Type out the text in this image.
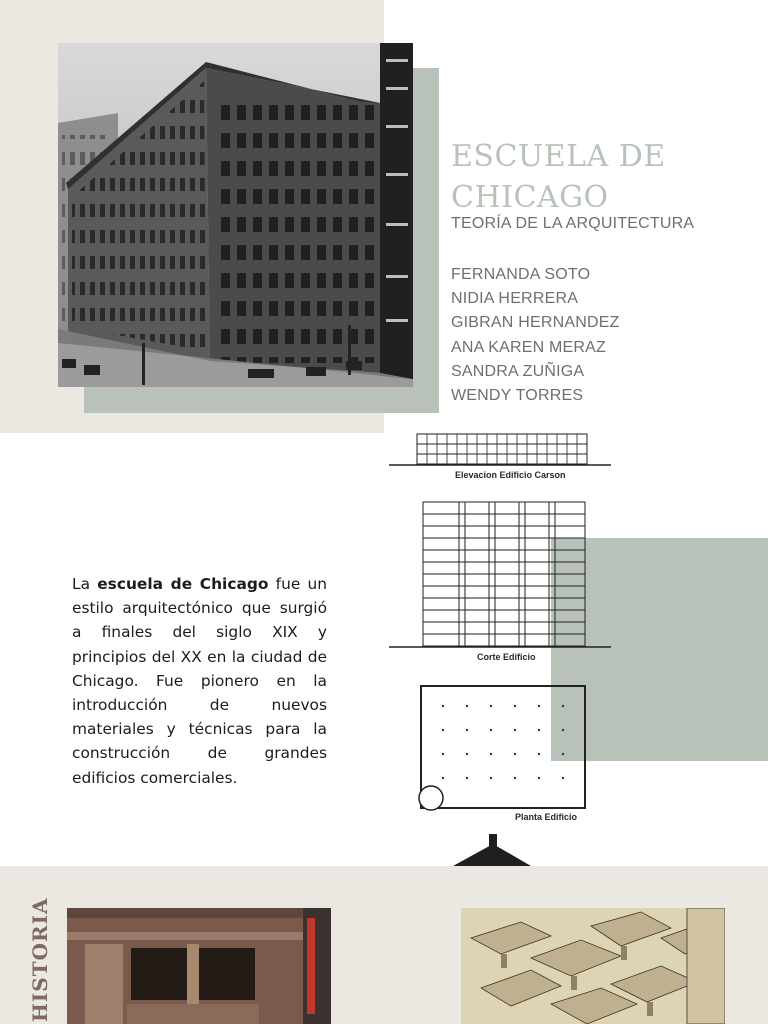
ESCUELA DE
CHICAGO
TEORÍA DE LA ARQUITECTURA
FERNANDA SOTO
NIDIA HERRERA
GIBRAN HERNANDEZ
ANA KAREN MERAZ
SANDRA ZUÑIGA
WENDY TORRES
Elevacion Edificio Carson
Corte Edificio
Planta Edificio

La escuela de Chicago fue un estilo arquitectónico que surgió a finales del siglo XIX y principios del XX en la ciudad de Chicago. Fue pionero en la introducción de nuevos materiales y técnicas para la construcción de grandes edificios comerciales.

HISTORIA
